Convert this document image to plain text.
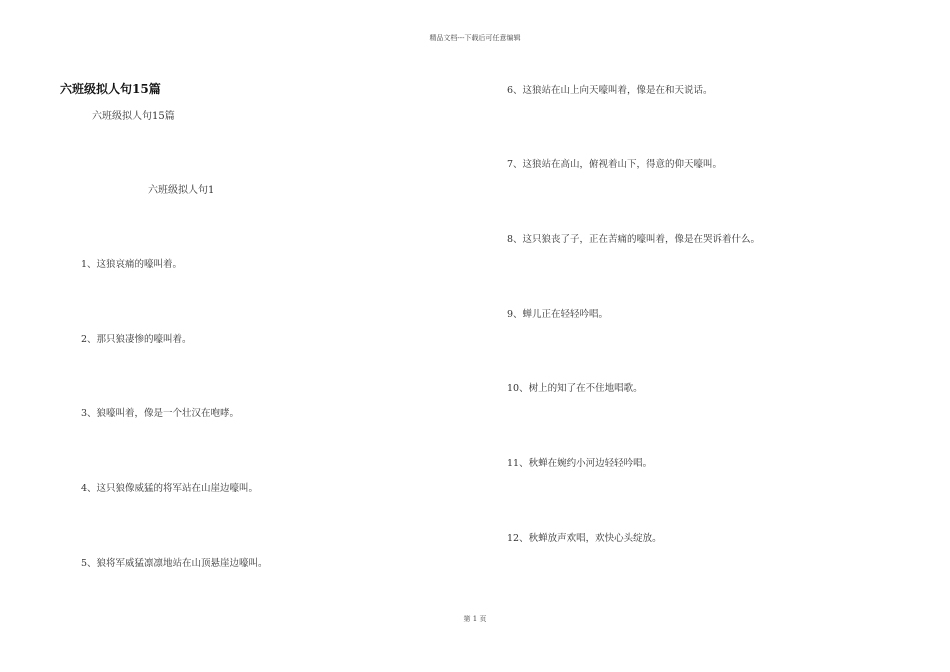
精品文档---下载后可任意编辑
六班级拟人句15篇
六班级拟人句15篇
六班级拟人句1
1、这狼哀痛的嚎叫着。
2、那只狼凄惨的嚎叫着。
3、狼嚎叫着，像是一个壮汉在咆哮。
4、这只狼像威猛的将军站在山崖边嚎叫。
5、狼将军威猛凛凛地站在山顶悬崖边嚎叫。
6、这狼站在山上向天嚎叫着，像是在和天说话。
7、这狼站在高山，俯视着山下，得意的仰天嚎叫。
8、这只狼丧了子，正在苦痛的嚎叫着，像是在哭诉着什么。
9、蝉儿正在轻轻吟唱。
10、树上的知了在不住地唱歌。
11、秋蝉在婉约小河边轻轻吟唱。
12、秋蝉放声欢唱，欢快心头绽放。
第 1 页
